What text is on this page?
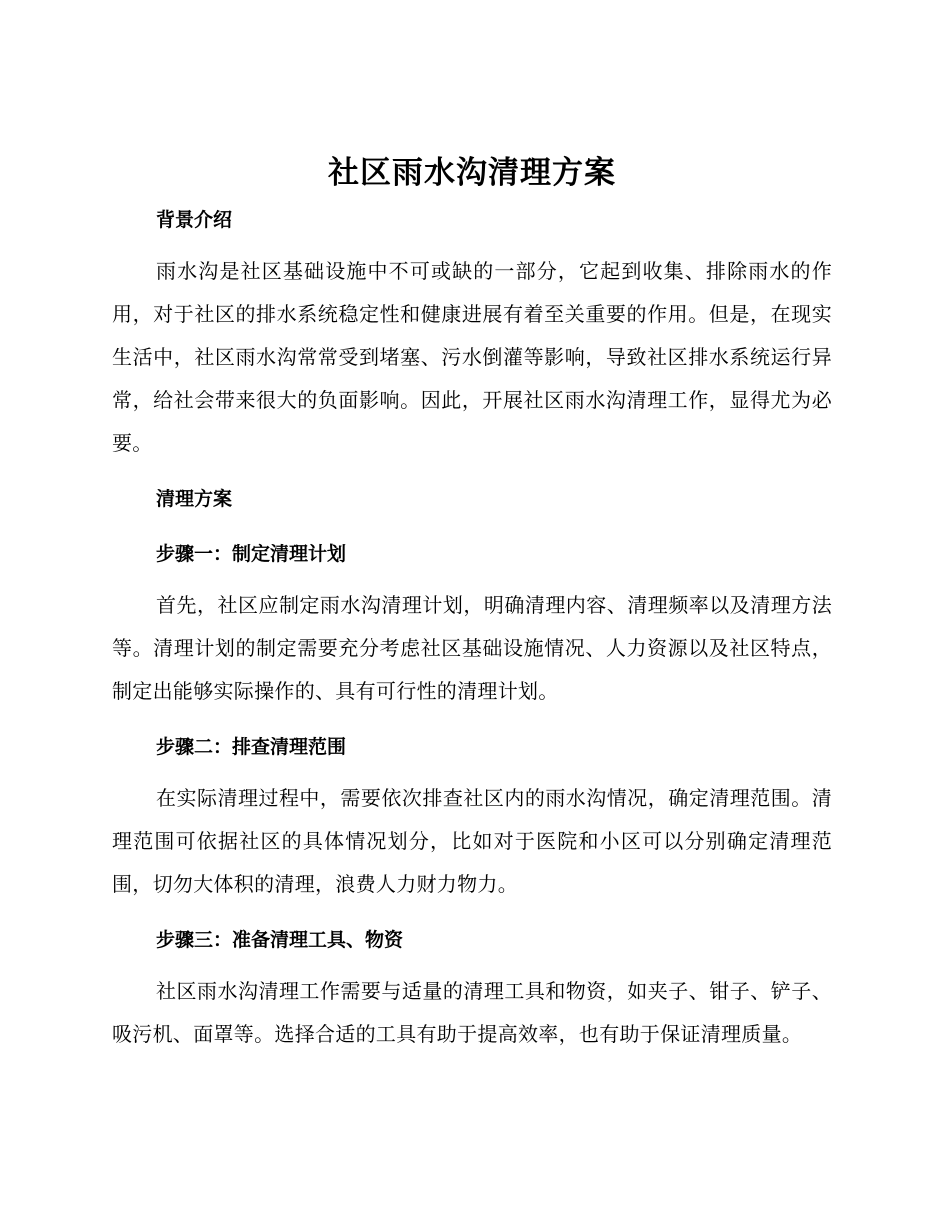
社区雨水沟清理方案
背景介绍

雨水沟是社区基础设施中不可或缺的一部分，它起到收集、排除雨水的作用，对于社区的排水系统稳定性和健康进展有着至关重要的作用。但是，在现实生活中，社区雨水沟常常受到堵塞、污水倒灌等影响，导致社区排水系统运行异常，给社会带来很大的负面影响。因此，开展社区雨水沟清理工作，显得尤为必要。

清理方案
步骤一：制定清理计划

首先，社区应制定雨水沟清理计划，明确清理内容、清理频率以及清理方法等。清理计划的制定需要充分考虑社区基础设施情况、人力资源以及社区特点，制定出能够实际操作的、具有可行性的清理计划。

步骤二：排查清理范围

在实际清理过程中，需要依次排查社区内的雨水沟情况，确定清理范围。清理范围可依据社区的具体情况划分，比如对于医院和小区可以分别确定清理范围，切勿大体积的清理，浪费人力财力物力。

步骤三：准备清理工具、物资

社区雨水沟清理工作需要与适量的清理工具和物资，如夹子、钳子、铲子、吸污机、面罩等。选择合适的工具有助于提高效率，也有助于保证清理质量。
